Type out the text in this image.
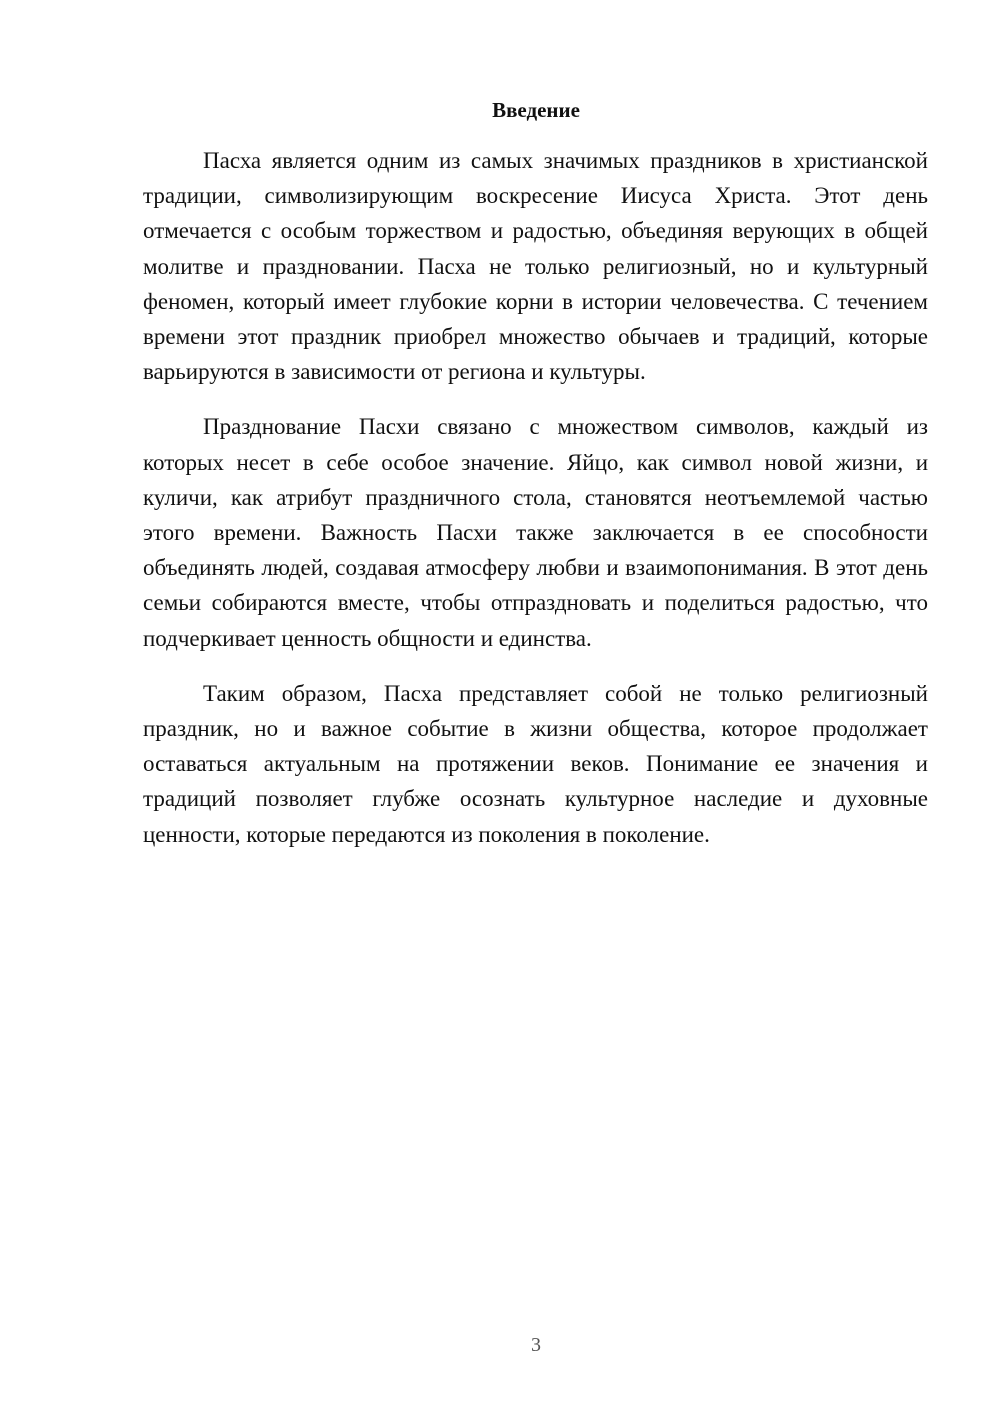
Введение

Пасха является одним из самых значимых праздников в христианской традиции, символизирующим воскресение Иисуса Христа. Этот день отмечается с особым торжеством и радостью, объединяя верующих в общей молитве и праздновании. Пасха не только религиозный, но и культурный феномен, который имеет глубокие корни в истории человечества. С течением времени этот праздник приобрел множество обычаев и традиций, которые варьируются в зависимости от региона и культуры.

Празднование Пасхи связано с множеством символов, каждый из которых несет в себе особое значение. Яйцо, как символ новой жизни, и куличи, как атрибут праздничного стола, становятся неотъемлемой частью этого времени. Важность Пасхи также заключается в ее способности объединять людей, создавая атмосферу любви и взаимопонимания. В этот день семьи собираются вместе, чтобы отпраздновать и поделиться радостью, что подчеркивает ценность общности и единства.

Таким образом, Пасха представляет собой не только религиозный праздник, но и важное событие в жизни общества, которое продолжает оставаться актуальным на протяжении веков. Понимание ее значения и традиций позволяет глубже осознать культурное наследие и духовные ценности, которые передаются из поколения в поколение.

3
